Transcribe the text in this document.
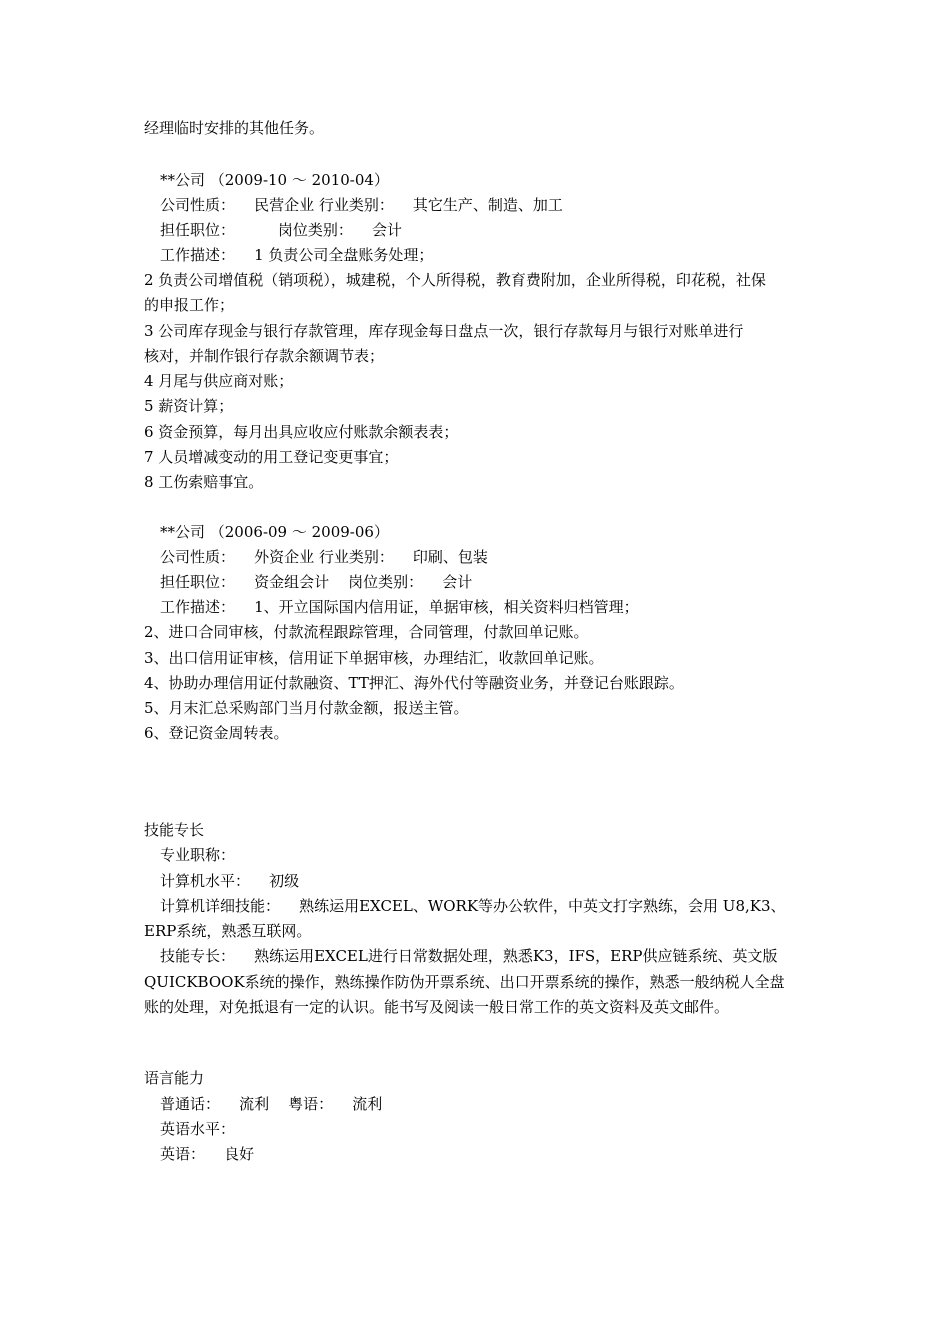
经理临时安排的其他任务。
**公司 （2009-10 ～ 2010-04）
公司性质：    民营企业 行业类别：    其它生产、制造、加工
担任职位：         岗位类别：    会计
工作描述：    1 负责公司全盘账务处理；
2 负责公司增值税（销项税），城建税，个人所得税，教育费附加，企业所得税，印花税，社保
的申报工作；
3 公司库存现金与银行存款管理，库存现金每日盘点一次，银行存款每月与银行对账单进行
核对，并制作银行存款余额调节表；
4 月尾与供应商对账；
5 薪资计算；
6 资金预算，每月出具应收应付账款余额表表；
7 人员增减变动的用工登记变更事宜；
8 工伤索赔事宜。
**公司 （2006-09 ～ 2009-06）
公司性质：    外资企业 行业类别：    印刷、包装
担任职位：    资金组会计    岗位类别：    会计
工作描述：    1、开立国际国内信用证，单据审核，相关资料归档管理；
2、进口合同审核，付款流程跟踪管理，合同管理，付款回单记账。
3、出口信用证审核，信用证下单据审核，办理结汇，收款回单记账。
4、协助办理信用证付款融资、TT押汇、海外代付等融资业务，并登记台账跟踪。
5、月末汇总采购部门当月付款金额，报送主管。
6、登记资金周转表。
技能专长
专业职称：
计算机水平：    初级
计算机详细技能：    熟练运用EXCEL、WORK等办公软件，中英文打字熟练，会用 U8,K3、
ERP系统，熟悉互联网。
技能专长：    熟练运用EXCEL进行日常数据处理，熟悉K3，IFS，ERP供应链系统、英文版
QUICKBOOK系统的操作，熟练操作防伪开票系统、出口开票系统的操作，熟悉一般纳税人全盘
账的处理，对免抵退有一定的认识。能书写及阅读一般日常工作的英文资料及英文邮件。
语言能力
普通话：    流利    粤语：    流利
英语水平：
英语：    良好
